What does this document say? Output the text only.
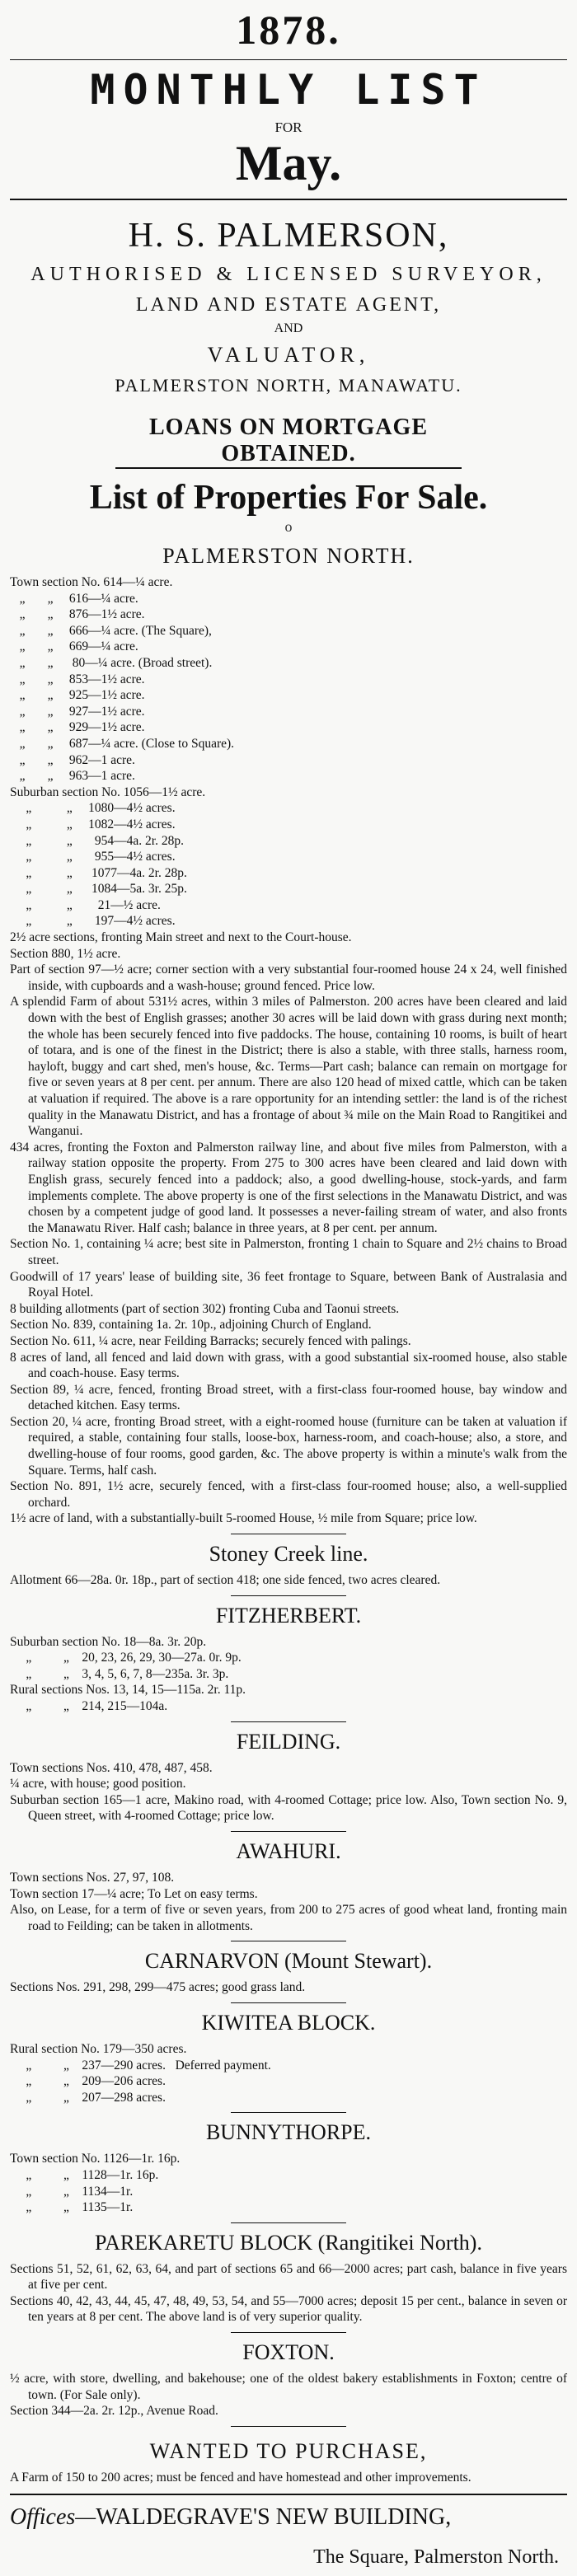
1878.
MONTHLY LIST
FOR
May.
H. S. PALMERSON,
AUTHORISED & LICENSED SURVEYOR,
LAND AND ESTATE AGENT,
AND
VALUATOR,
PALMERSTON NORTH, MANAWATU.
LOANS ON MORTGAGE OBTAINED.
List of Properties For Sale.
o
PALMERSTON NORTH.

Town section No. 614—¼ acre.

„       „     616—¼ acre.

„       „     876—1½ acre.

„       „     666—¼ acre. (The Square),

„       „     669—¼ acre.

„       „      80—¼ acre. (Broad street).

„       „     853—1½ acre.

„       „     925—1½ acre.

„       „     927—1½ acre.

„       „     929—1½ acre.

„       „     687—¼ acre. (Close to Square).

„       „     962—1 acre.

„       „     963—1 acre.

Suburban section No. 1056—1½ acre.

„           „     1080—4½ acres.

„           „     1082—4½ acres.

„           „       954—4a. 2r. 28p.

„           „       955—4½ acres.

„           „      1077—4a. 2r. 28p.

„           „      1084—5a. 3r. 25p.

„           „        21—½ acre.

„           „       197—4½ acres.

2½ acre sections, fronting Main street and next to the Court-house.

Section 880, 1½ acre.

Part of section 97—½ acre; corner section with a very substantial four-roomed house 24 x 24, well finished inside, with cupboards and a wash-house; ground fenced. Price low.

A splendid Farm of about 531½ acres, within 3 miles of Palmerston. 200 acres have been cleared and laid down with the best of English grasses; another 30 acres will be laid down with grass during next month; the whole has been securely fenced into five paddocks. The house, containing 10 rooms, is built of heart of totara, and is one of the finest in the District; there is also a stable, with three stalls, harness room, hayloft, buggy and cart shed, men's house, &c. Terms—Part cash; balance can remain on mortgage for five or seven years at 8 per cent. per annum. There are also 120 head of mixed cattle, which can be taken at valuation if required. The above is a rare opportunity for an intending settler: the land is of the richest quality in the Manawatu District, and has a frontage of about ¾ mile on the Main Road to Rangitikei and Wanganui.

434 acres, fronting the Foxton and Palmerston railway line, and about five miles from Palmerston, with a railway station opposite the property. From 275 to 300 acres have been cleared and laid down with English grass, securely fenced into a paddock; also, a good dwelling-house, stock-yards, and farm implements complete. The above property is one of the first selections in the Manawatu District, and was chosen by a competent judge of good land. It possesses a never-failing stream of water, and also fronts the Manawatu River. Half cash; balance in three years, at 8 per cent. per annum.

Section No. 1, containing ¼ acre; best site in Palmerston, fronting 1 chain to Square and 2½ chains to Broad street.

Goodwill of 17 years' lease of building site, 36 feet frontage to Square, between Bank of Australasia and Royal Hotel.

8 building allotments (part of section 302) fronting Cuba and Taonui streets.

Section No. 839, containing 1a. 2r. 10p., adjoining Church of England.

Section No. 611, ¼ acre, near Feilding Barracks; securely fenced with palings.

8 acres of land, all fenced and laid down with grass, with a good substantial six-roomed house, also stable and coach-house. Easy terms.

Section 89, ¼ acre, fenced, fronting Broad street, with a first-class four-roomed house, bay window and detached kitchen. Easy terms.

Section 20, ¼ acre, fronting Broad street, with a eight-roomed house (furniture can be taken at valuation if required, a stable, containing four stalls, loose-box, harness-room, and coach-house; also, a store, and dwelling-house of four rooms, good garden, &c. The above property is within a minute's walk from the Square. Terms, half cash.

Section No. 891, 1½ acre, securely fenced, with a first-class four-roomed house; also, a well-supplied orchard.

1½ acre of land, with a substantially-built 5-roomed House, ½ mile from Square; price low.

Stoney Creek line.

Allotment 66—28a. 0r. 18p., part of section 418; one side fenced, two acres cleared.

FITZHERBERT.

Suburban section No. 18—8a. 3r. 20p.

„          „    20, 23, 26, 29, 30—27a. 0r. 9p.

„          „    3, 4, 5, 6, 7, 8—235a. 3r. 3p.

Rural sections Nos. 13, 14, 15—115a. 2r. 11p.

„          „    214, 215—104a.

FEILDING.

Town sections Nos. 410, 478, 487, 458.

¼ acre, with house; good position.

Suburban section 165—1 acre, Makino road, with 4-roomed Cottage; price low. Also, Town section No. 9, Queen street, with 4-roomed Cottage; price low.

AWAHURI.

Town sections Nos. 27, 97, 108.

Town section 17—¼ acre; To Let on easy terms.

Also, on Lease, for a term of five or seven years, from 200 to 275 acres of good wheat land, fronting main road to Feilding; can be taken in allotments.

CARNARVON (Mount Stewart).

Sections Nos. 291, 298, 299—475 acres; good grass land.

KIWITEA BLOCK.

Rural section No. 179—350 acres.

„          „    237—290 acres.   Deferred payment.

„          „    209—206 acres.

„          „    207—298 acres.

BUNNYTHORPE.

Town section No. 1126—1r. 16p.

„          „    1128—1r. 16p.

„          „    1134—1r.

„          „    1135—1r.

PAREKARETU BLOCK (Rangitikei North).

Sections 51, 52, 61, 62, 63, 64, and part of sections 65 and 66—2000 acres; part cash, balance in five years at five per cent.

Sections 40, 42, 43, 44, 45, 47, 48, 49, 53, 54, and 55—7000 acres; deposit 15 per cent., balance in seven or ten years at 8 per cent. The above land is of very superior quality.

FOXTON.

½ acre, with store, dwelling, and bakehouse; one of the oldest bakery establishments in Foxton; centre of town. (For Sale only).

Section 344—2a. 2r. 12p., Avenue Road.

WANTED TO PURCHASE,

A Farm of 150 to 200 acres; must be fenced and have homestead and other improvements.

Offices—WALDEGRAVE'S NEW BUILDING,
The Square, Palmerston North.
